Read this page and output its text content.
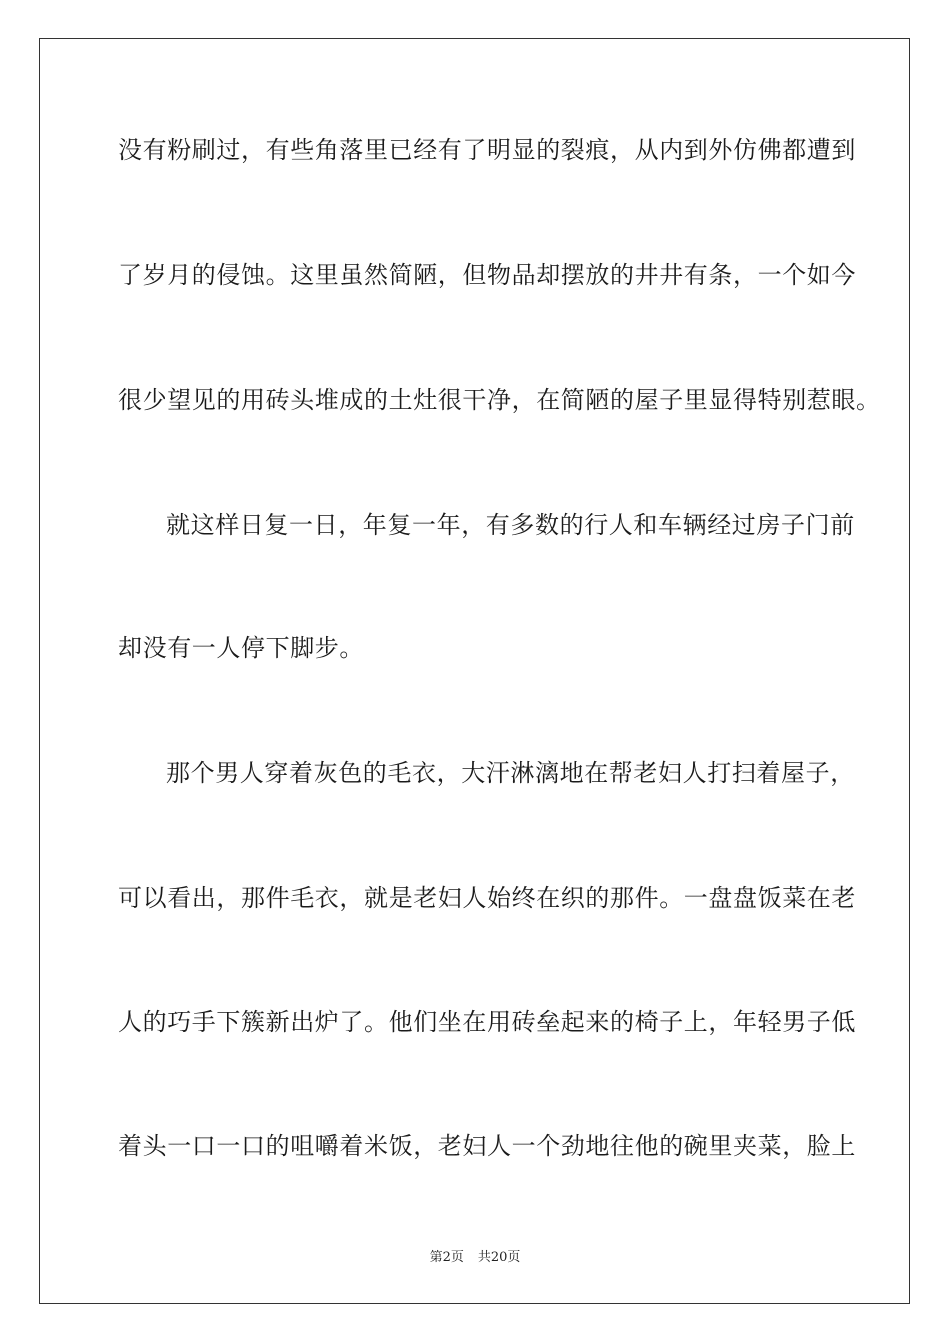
没有粉刷过，有些角落里已经有了明显的裂痕，从内到外仿佛都遭到
了岁月的侵蚀。这里虽然简陋，但物品却摆放的井井有条，一个如今
很少望见的用砖头堆成的土灶很干净，在简陋的屋子里显得特别惹眼。
就这样日复一日，年复一年，有多数的行人和车辆经过房子门前
却没有一人停下脚步。
那个男人穿着灰色的毛衣，大汗淋漓地在帮老妇人打扫着屋子，
可以看出，那件毛衣，就是老妇人始终在织的那件。一盘盘饭菜在老
人的巧手下簇新出炉了。他们坐在用砖垒起来的椅子上，年轻男子低
着头一口一口的咀嚼着米饭，老妇人一个劲地往他的碗里夹菜，脸上
第2页 共20页
